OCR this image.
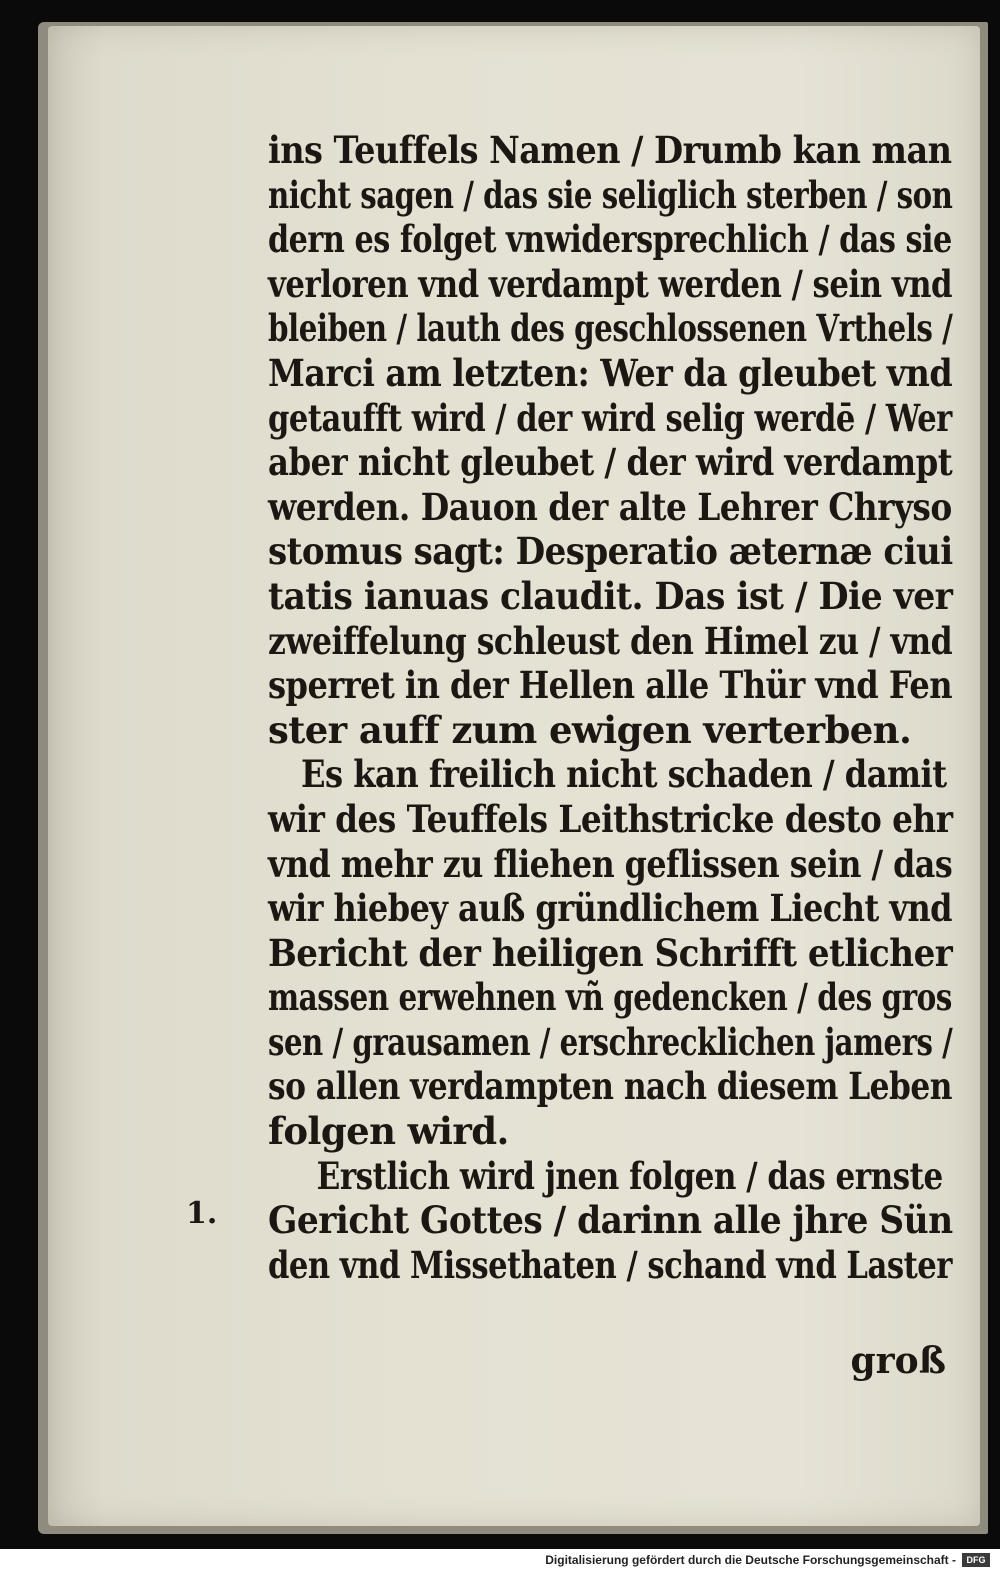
ins Teuffels Namen / Drumb kan man
nicht sagen / das sie seliglich sterben / son
dern es folget vnwidersprechlich / das sie
verloren vnd verdampt werden / sein vnd
bleiben / lauth des geschlossenen Vrthels /
Marci am letzten: Wer da gleubet vnd
getaufft wird / der wird selig werdē / Wer
aber nicht gleubet / der wird verdampt
werden. Dauon der alte Lehrer Chryso
stomus sagt: Desperatio æternæ ciui
tatis ianuas claudit. Das ist / Die ver
zweiffelung schleust den Himel zu / vnd
sperret in der Hellen alle Thür vnd Fen
ster auff zum ewigen verterben.
Es kan freilich nicht schaden / damit
wir des Teuffels Leithstricke desto ehr
vnd mehr zu fliehen geflissen sein / das
wir hiebey auß gründlichem Liecht vnd
Bericht der heiligen Schrifft etlicher
massen erwehnen vñ gedencken / des gros
sen / grausamen / erschrecklichen jamers /
so allen verdampten nach diesem Leben
folgen wird.
Erstlich wird jnen folgen / das ernste
Gericht Gottes / darinn alle jhre Sün
den vnd Missethaten / schand vnd Laster
1.
groß
Digitalisierung gefördert durch die Deutsche Forschungsgemeinschaft -	DFG
